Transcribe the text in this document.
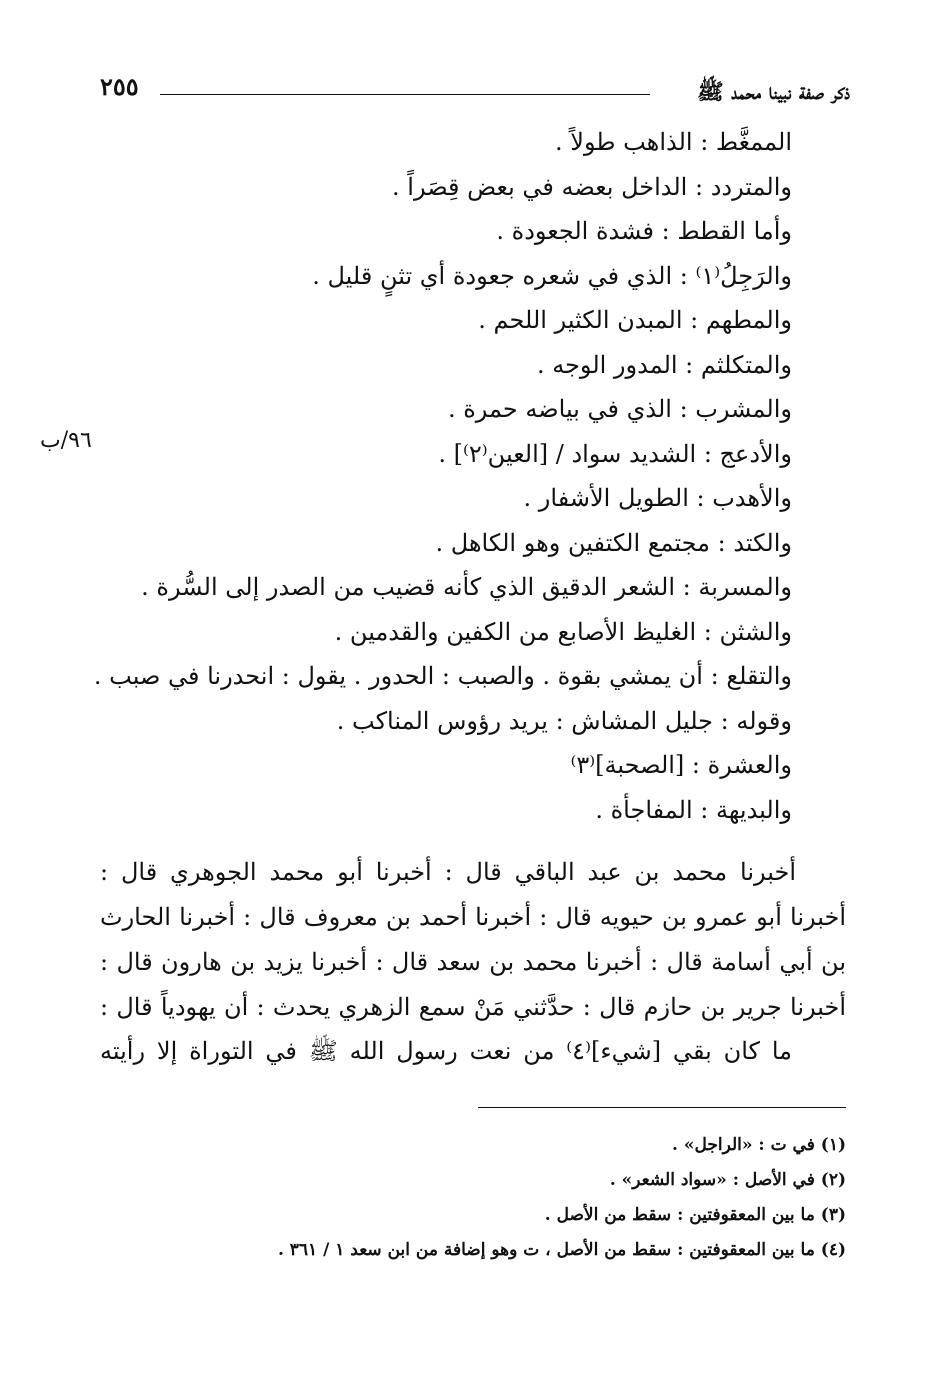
ذكر صفة نبينا محمد ﷺ
٢٥٥
٩٦/ب
الممغَّط : الذاهب طولاً .
والمتردد : الداخل بعضه في بعض قِصَراً .
وأما القطط : فشدة الجعودة .
والرَجِلُ⁽١⁾ : الذي في شعره جعودة أي تثنٍ قليل .
والمطهم : المبدن الكثير اللحم .
والمتكلثم : المدور الوجه .
والمشرب : الذي في بياضه حمرة .
والأدعج : الشديد سواد / [العين⁽٢⁾] .
والأهدب : الطويل الأشفار .
والكتد : مجتمع الكتفين وهو الكاهل .
والمسربة : الشعر الدقيق الذي كأنه قضيب من الصدر إلى السُّرة .
والشثن : الغليظ الأصابع من الكفين والقدمين .
والتقلع : أن يمشي بقوة . والصبب : الحدور . يقول : انحدرنا في صبب .
وقوله : جليل المشاش : يريد رؤوس المناكب .
والعشرة : [الصحبة]⁽٣⁾
والبديهة : المفاجأة .
أخبرنا محمد بن عبد الباقي قال : أخبرنا أبو محمد الجوهري قال : أخبرنا أبو عمرو بن حيويه قال : أخبرنا أحمد بن معروف قال : أخبرنا الحارث بن أبي أسامة قال : أخبرنا محمد بن سعد قال : أخبرنا يزيد بن هارون قال : أخبرنا جرير بن حازم قال : حدَّثني مَنْ سمع الزهري يحدث : أن يهودياً قال :
ما كان بقي [شيء]⁽٤⁾ من نعت رسول الله ﷺ في التوراة إلا رأيته
(١) في ت : «الراجل» .
(٢) في الأصل : «سواد الشعر» .
(٣) ما بين المعقوفتين : سقط من الأصل .
(٤) ما بين المعقوفتين : سقط من الأصل ، ت وهو إضافة من ابن سعد ١ / ٣٦١ .
